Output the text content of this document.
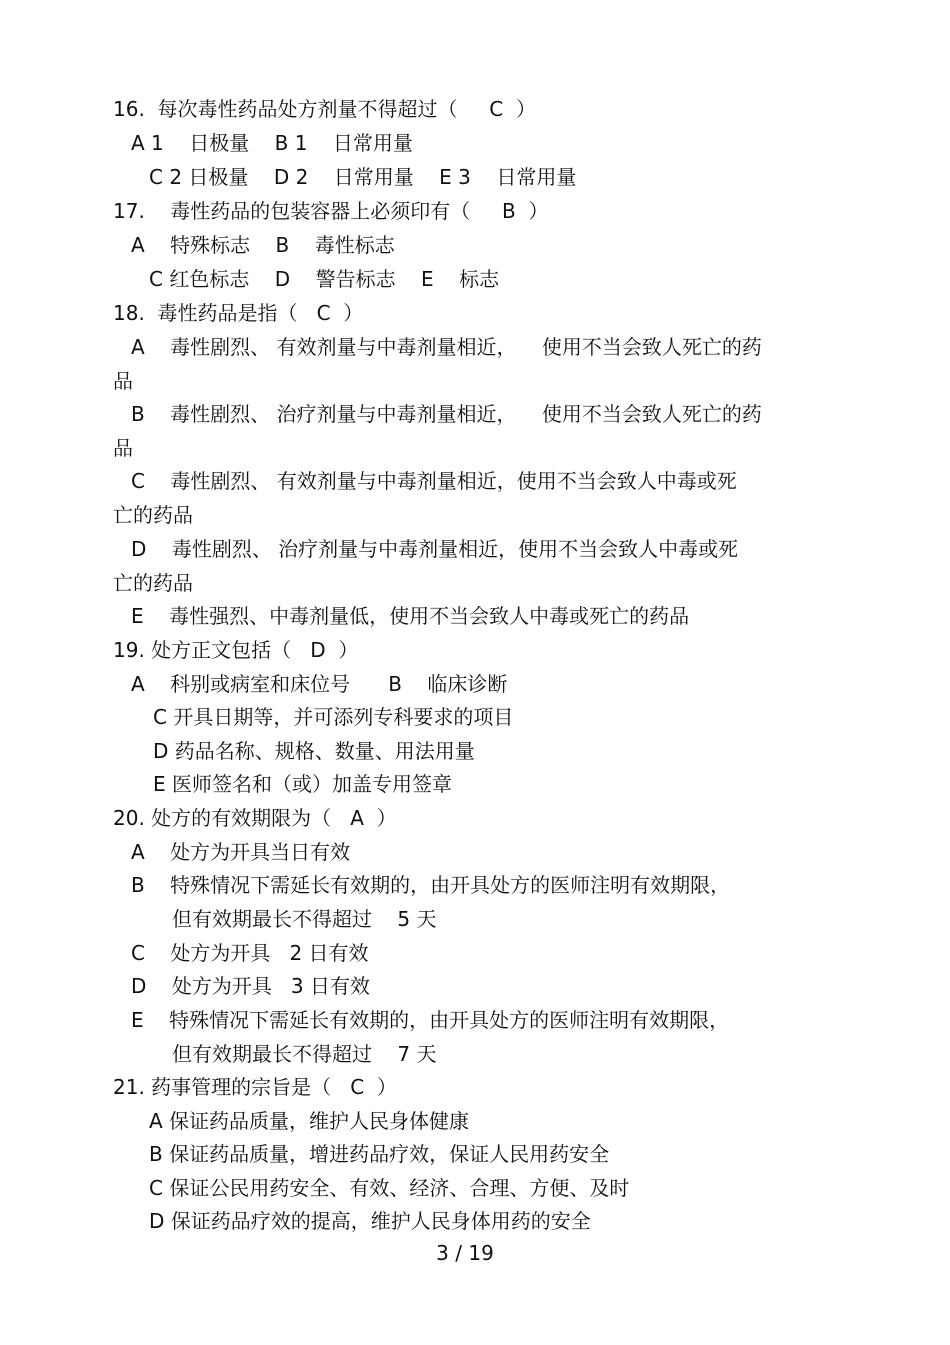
16.  每次毒性药品处方剂量不得超过（     C  ）
A 1    日极量    B 1    日常用量
C 2 日极量    D 2    日常用量    E 3    日常用量
17.    毒性药品的包装容器上必须印有（     B  ）
A    特殊标志    B    毒性标志
C 红色标志    D    警告标志    E    标志
18.  毒性药品是指（   C  ）
A    毒性剧烈、 有效剂量与中毒剂量相近，    使用不当会致人死亡的药
品
B    毒性剧烈、 治疗剂量与中毒剂量相近，    使用不当会致人死亡的药
品
C    毒性剧烈、 有效剂量与中毒剂量相近，使用不当会致人中毒或死
亡的药品
D    毒性剧烈、 治疗剂量与中毒剂量相近，使用不当会致人中毒或死
亡的药品
E    毒性强烈、中毒剂量低，使用不当会致人中毒或死亡的药品
19. 处方正文包括（   D  ）
A    科别或病室和床位号      B    临床诊断
C 开具日期等，并可添列专科要求的项目
D 药品名称、规格、数量、用法用量
E 医师签名和（或）加盖专用签章
20. 处方的有效期限为（   A  ）
A    处方为开具当日有效
B    特殊情况下需延长有效期的，由开具处方的医师注明有效期限，
但有效期最长不得超过    5 天
C    处方为开具   2 日有效
D    处方为开具   3 日有效
E    特殊情况下需延长有效期的，由开具处方的医师注明有效期限，
但有效期最长不得超过    7 天
21. 药事管理的宗旨是（   C  ）
A 保证药品质量，维护人民身体健康
B 保证药品质量，增进药品疗效，保证人民用药安全
C 保证公民用药安全、有效、经济、合理、方便、及时
D 保证药品疗效的提高，维护人民身体用药的安全
3 / 19
